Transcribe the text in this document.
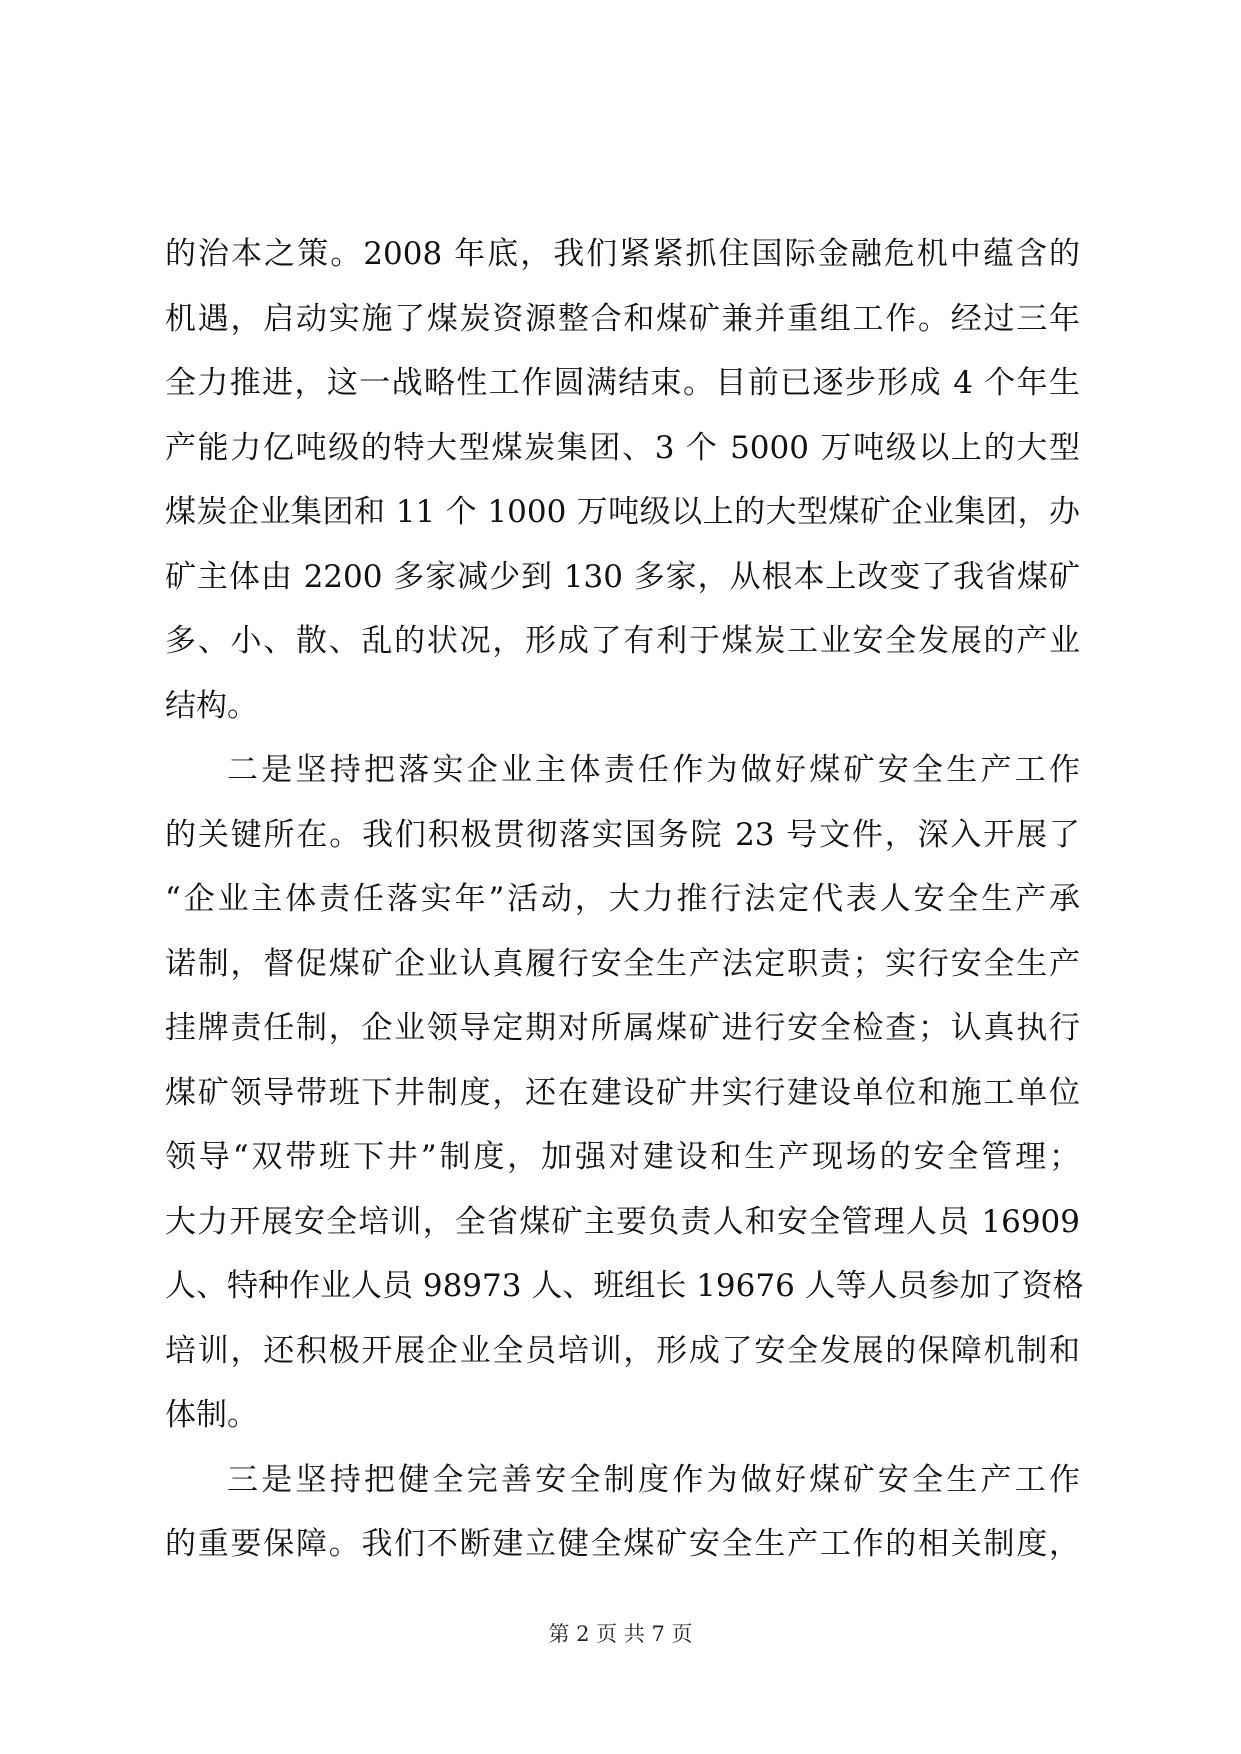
的治本之策。2008 年底，我们紧紧抓住国际金融危机中蕴含的
机遇，启动实施了煤炭资源整合和煤矿兼并重组工作。经过三年
全力推进，这一战略性工作圆满结束。目前已逐步形成 4 个年生
产能力亿吨级的特大型煤炭集团、3 个 5000 万吨级以上的大型
煤炭企业集团和 11 个 1000 万吨级以上的大型煤矿企业集团，办
矿主体由 2200 多家减少到 130 多家，从根本上改变了我省煤矿
多、小、散、乱的状况，形成了有利于煤炭工业安全发展的产业
结构。
二是坚持把落实企业主体责任作为做好煤矿安全生产工作
的关键所在。我们积极贯彻落实国务院 23 号文件，深入开展了
“企业主体责任落实年”活动，大力推行法定代表人安全生产承
诺制，督促煤矿企业认真履行安全生产法定职责；实行安全生产
挂牌责任制，企业领导定期对所属煤矿进行安全检查；认真执行
煤矿领导带班下井制度，还在建设矿井实行建设单位和施工单位
领导“双带班下井”制度，加强对建设和生产现场的安全管理；
大力开展安全培训，全省煤矿主要负责人和安全管理人员 16909
人、特种作业人员 98973 人、班组长 19676 人等人员参加了资格
培训，还积极开展企业全员培训，形成了安全发展的保障机制和
体制。
三是坚持把健全完善安全制度作为做好煤矿安全生产工作
的重要保障。我们不断建立健全煤矿安全生产工作的相关制度，
第 2 页 共 7 页
